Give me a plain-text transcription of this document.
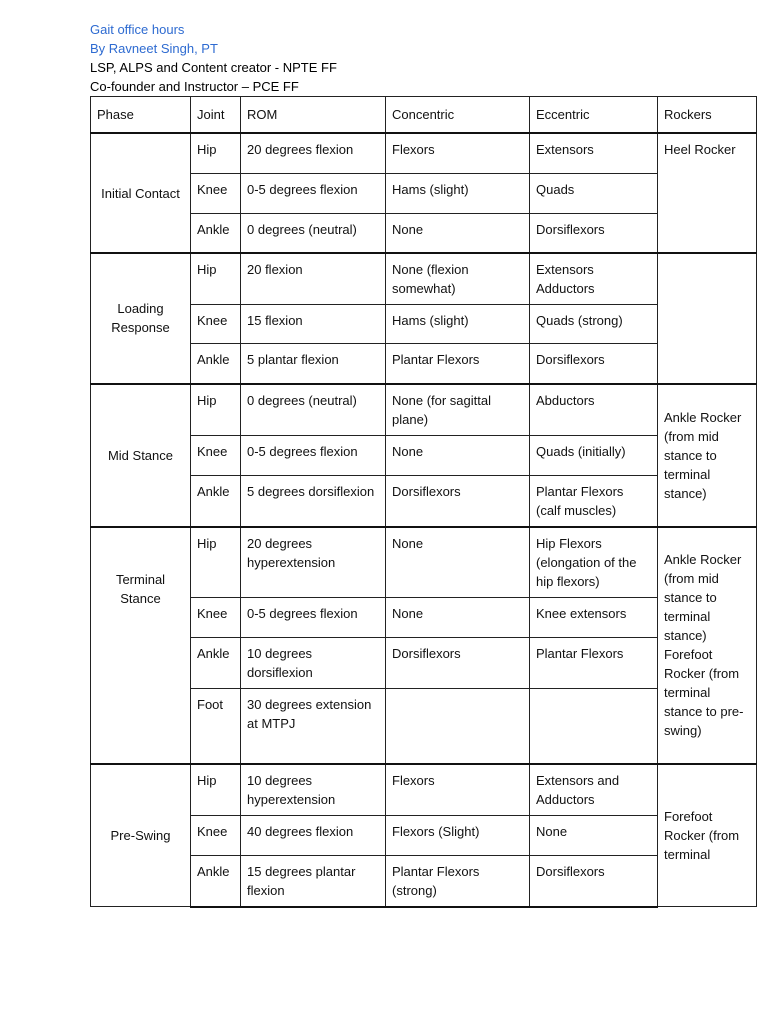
Gait office hours
By Ravneet Singh, PT
LSP, ALPS and Content creator - NPTE FF
Co-founder and Instructor – PCE FF
Phase	Joint	ROM	Concentric	Eccentric	Rockers
Initial Contact	Hip	20 degrees flexion	Flexors	Extensors	Heel Rocker
	Knee	0-5 degrees flexion	Hams (slight)	Quads	
	Ankle	0 degrees (neutral)	None	Dorsiflexors	
Loading Response	Hip	20 flexion	None (flexion somewhat)	Extensors Adductors	
	Knee	15 flexion	Hams (slight)	Quads (strong)	
	Ankle	5 plantar flexion	Plantar Flexors	Dorsiflexors	
Mid Stance	Hip	0 degrees (neutral)	None (for sagittal plane)	Abductors	Ankle Rocker (from mid stance to terminal stance)
	Knee	0-5 degrees flexion	None	Quads (initially)	
	Ankle	5 degrees dorsiflexion	Dorsiflexors	Plantar Flexors (calf muscles)	
Terminal Stance	Hip	20 degrees hyperextension	None	Hip Flexors (elongation of the hip flexors)	Ankle Rocker (from mid stance to terminal stance) Forefoot Rocker (from terminal stance to pre-swing)
	Knee	0-5 degrees flexion	None	Knee extensors	
	Ankle	10 degrees dorsiflexion	Dorsiflexors	Plantar Flexors	
	Foot	30 degrees extension at MTPJ			
Pre-Swing	Hip	10 degrees hyperextension	Flexors	Extensors and Adductors	Forefoot Rocker (from terminal
	Knee	40 degrees flexion	Flexors (Slight)	None	
	Ankle	15 degrees plantar flexion	Plantar Flexors (strong)	Dorsiflexors	
